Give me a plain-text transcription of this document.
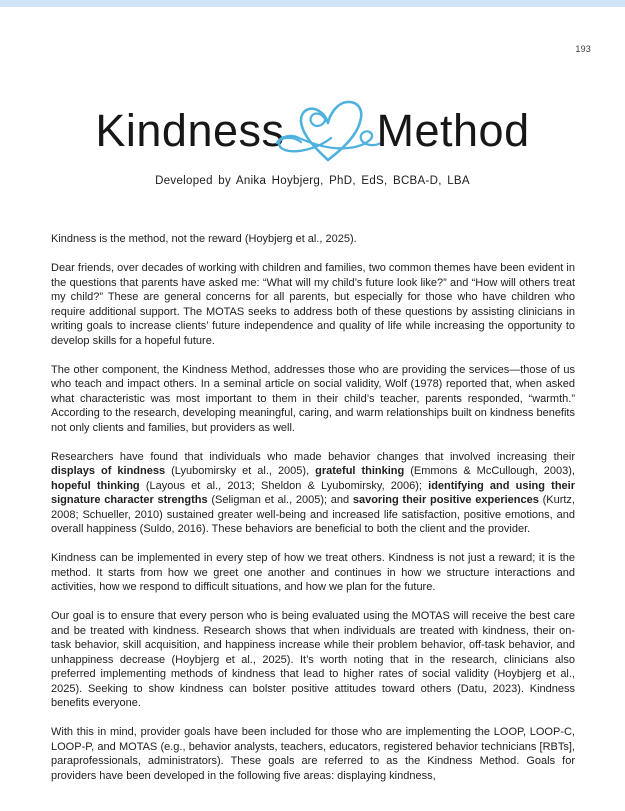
193
Kindness Method
Developed by Anika Hoybjerg, PhD, EdS, BCBA-D, LBA

Kindness is the method, not the reward (Hoybjerg et al., 2025).

Dear friends, over decades of working with children and families, two common themes have been evident in the questions that parents have asked me: “What will my child’s future look like?” and “How will others treat my child?” These are general concerns for all parents, but especially for those who have children who require additional support. The MOTAS seeks to address both of these questions by assisting clinicians in writing goals to increase clients’ future independence and quality of life while increasing the opportunity to develop skills for a hopeful future.

The other component, the Kindness Method, addresses those who are providing the services—those of us who teach and impact others. In a seminal article on social validity, Wolf (1978) reported that, when asked what characteristic was most important to them in their child’s teacher, parents responded, “warmth.” According to the research, developing meaningful, caring, and warm relationships built on kindness benefits not only clients and families, but providers as well.

Researchers have found that individuals who made behavior changes that involved increasing their displays of kindness (Lyubomirsky et al., 2005), grateful thinking (Emmons & McCullough, 2003), hopeful thinking (Layous et al., 2013; Sheldon & Lyubomirsky, 2006); identifying and using their signature character strengths (Seligman et al., 2005); and savoring their positive experiences (Kurtz, 2008; Schueller, 2010) sustained greater well-being and increased life satisfaction, positive emotions, and overall happiness (Suldo, 2016). These behaviors are beneficial to both the client and the provider.

Kindness can be implemented in every step of how we treat others. Kindness is not just a reward; it is the method. It starts from how we greet one another and continues in how we structure interactions and activities, how we respond to difficult situations, and how we plan for the future.

Our goal is to ensure that every person who is being evaluated using the MOTAS will receive the best care and be treated with kindness. Research shows that when individuals are treated with kindness, their on-task behavior, skill acquisition, and happiness increase while their problem behavior, off-task behavior, and unhappiness decrease (Hoybjerg et al., 2025). It’s worth noting that in the research, clinicians also preferred implementing methods of kindness that lead to higher rates of social validity (Hoybjerg et al., 2025). Seeking to show kindness can bolster positive attitudes toward others (Datu, 2023). Kindness benefits everyone.

With this in mind, provider goals have been included for those who are implementing the LOOP, LOOP-C, LOOP-P, and MOTAS (e.g., behavior analysts, teachers, educators, registered behavior technicians [RBTs], paraprofessionals, administrators). These goals are referred to as the Kindness Method. Goals for providers have been developed in the following five areas: displaying kindness,
